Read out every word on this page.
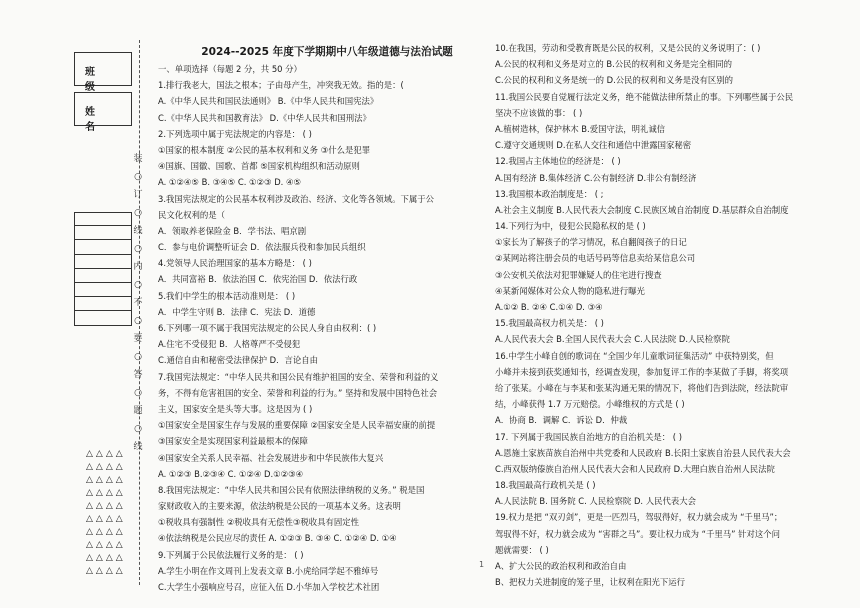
班 级
姓 名
装
○
订
○
线
○
内
○
不
○
要
○
答
○
题
○
线
△△△△
△△△△
△△△△
△△△△
△△△△
△△△△
△△△△
△△△△
△△△△
△△△△
2024--2025 年度下学期期中八年级道德与法治试题
一、单项选择（每题 2 分，共 50 分）
1.排行我老大，国法之根本；子由母产生，冲突我无效。指的是：(
A.《中华人民共和国民法通则》 B.《中华人民共和国宪法》
C.《中华人民共和国教育法》 D.《中华人民共和国刑法》
2.下列选项中属于宪法规定的内容是： ( )
①国家的根本制度 ②公民的基本权利和义务 ③什么是犯罪
④国旗、国徽、国歌、首都 ⑤国家机构组织和活动原则
A. ①②④⑤ B. ③④⑤ C. ①②③ D. ④⑤
3.我国宪法规定的公民基本权利涉及政治、经济、文化等各领域。下属于公
民文化权利的是（
A．领取养老保险金 B．学书法、唱京剧
C．参与电价调整听证会 D．依法服兵役和参加民兵组织
4.党领导人民治理国家的基本方略是： ( )
A．共同富裕 B．依法治国 C．依宪治国 D．依法行政
5.我们中学生的根本活动准则是： ( )
A．中学生守则 B．法律 C．宪法 D．道德
6.下列哪一项不属于我国宪法规定的公民人身自由权利：( )
A.住宅不受侵犯 B．人格尊严不受侵犯
C.通信自由和秘密受法律保护 D．言论自由
7.我国宪法规定：“中华人民共和国公民有维护祖国的安全、荣誉和利益的义
务，不得有危害祖国的安全、荣誉和利益的行为。” 坚持和发展中国特色社会
主义，国家安全是头等大事。这是因为 ( )
①国家安全是国家生存与发展的重要保障 ②国家安全是人民幸福安康的前提
③国家安全是实现国家利益最根本的保障
④国家安全关系人民幸福、社会发展进步和中华民族伟大复兴
A. ①②③ B.②③④ C. ①②④ D.①②③④
8.我国宪法规定：“中华人民共和国公民有依照法律纳税的义务。” 税是国
家财政收入的主要来源，依法纳税是公民的一项基本义务。这表明
①税收具有强制性 ②税收具有无偿性③税收具有固定性
④依法纳税是公民应尽的责任 A. ①②③ B. ③④ C. ①②④ D. ①④
9.下列属于公民依法履行义务的是： ( )
A.学生小明在作文周刊上发表文章 B.小虎给同学起不雅绰号
C.大学生小强响应号召，应征入伍 D.小华加入学校艺术社团
10.在我国，劳动和受教育既是公民的权利，又是公民的义务说明了：( )
A.公民的权利和义务是对立的 B.公民的权利和义务是完全相同的
C.公民的权利和义务是统一的 D.公民的权利和义务是没有区别的
11.我国公民要自觉履行法定义务，绝不能做法律所禁止的事。下列哪些属于公民
坚决不应该做的事： ( )
A.植树造林，保护林木 B.爱国守法，明礼诚信
C.遵守交通规则 D.在私人交往和通信中泄露国家秘密
12.我国占主体地位的经济是： ( )
A.国有经济 B.集体经济 C.公有制经济 D.非公有制经济
13.我国根本政治制度是： ( ;
A.社会主义制度 B.人民代表大会制度 C.民族区域自治制度 D.基层群众自治制度
14.下列行为中，侵犯公民隐私权的是 ( )
①家长为了解孩子的学习情况，私自翻阅孩子的日记
②某网站将注册会员的电话号码等信息卖给某信息公司
③公安机关依法对犯罪嫌疑人的住宅进行搜查
④某新闻媒体对公众人物的隐私进行曝光
A.①② B. ②④ C.①④ D. ③④
15.我国最高权力机关是： ( )
A.人民代表大会 B.全国人民代表大会 C.人民法院 D.人民检察院
16.中学生小峰自创的歌词在 “全国少年儿童歌词征集活动” 中获特别奖，但
小峰并未接到获奖通知书，经调查发现，参加复评工作的李某做了手脚，将奖项
给了张某。小峰在与李某和张某沟通无果的情况下，将他们告到法院，经法院审
结，小峰获得 1.7 万元赔偿。小峰维权的方式是 ( )
A．协商 B．调解 C．诉讼 D．仲裁
17. 下列属于我国民族自治地方的自治机关是： ( )
A.恩施土家族苗族自治州中共党委和人民政府 B.长阳土家族自治县人民代表大会
C.西双版纳傣族自治州人民代表大会和人民政府 D.大理白族自治州人民法院
18.我国最高行政机关是 ( )
A.人民法院 B. 国务院 C. 人民检察院 D. 人民代表大会
19.权力是把 “双刃剑”，更是一匹烈马，驾驭得好，权力就会成为 “千里马”；
驾驭得不好，权力就会成为 “害群之马”。要让权力成为 “千里马” 针对这个问
题就需要： ( )
A、扩大公民的政治权利和政治自由
B、把权力关进制度的笼子里，让权利在阳光下运行
1
